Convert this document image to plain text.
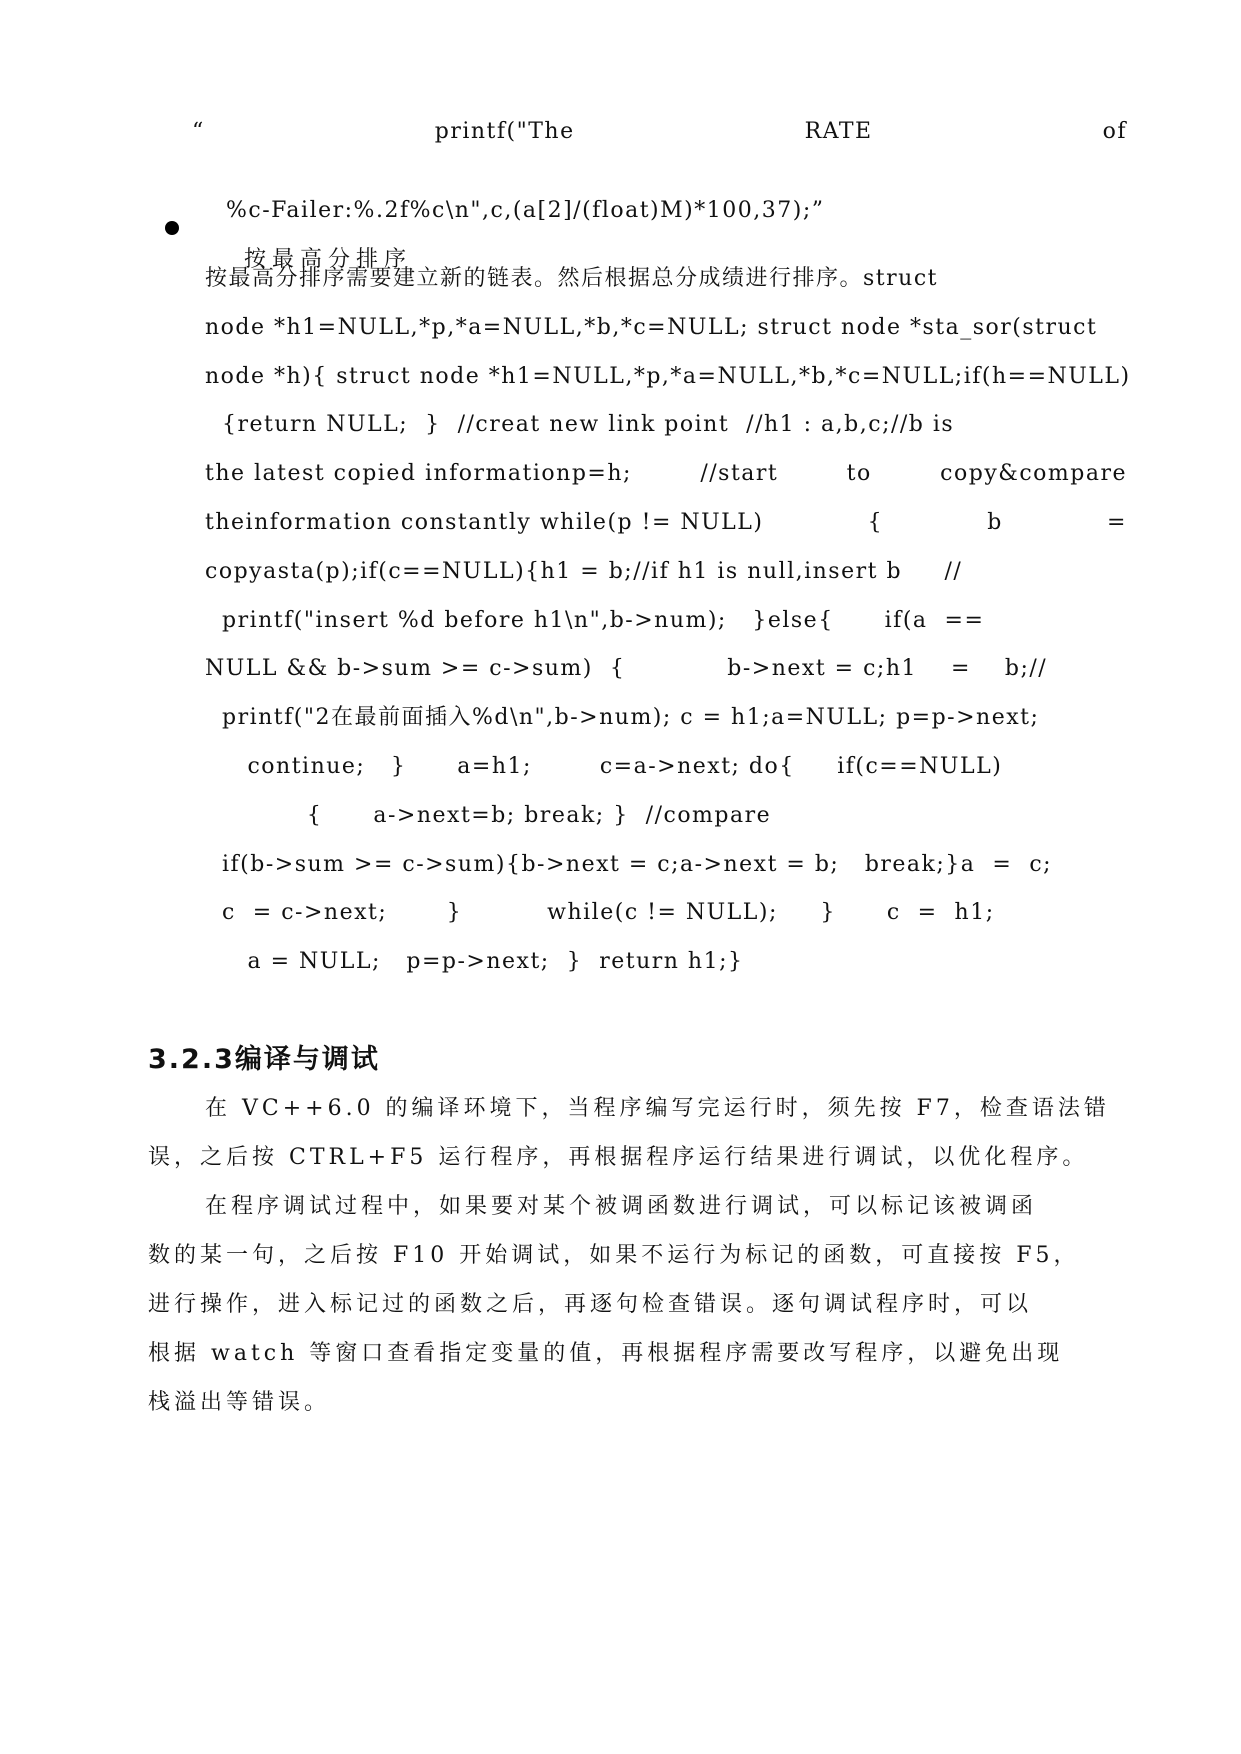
“	printf("The	RATE	of

%c-Failer:%.2f%c\n",c,(a[2]/(float)M)*100,37);”

按最高分排序

按最高分排序需要建立新的链表。然后根据总分成绩进行排序。struct
node *h1=NULL,*p,*a=NULL,*b,*c=NULL; struct node *sta_sor(struct
node *h){ struct node *h1=NULL,*p,*a=NULL,*b,*c=NULL;if(h==NULL)
{return NULL;  }  //creat new link point  //h1 : a,b,c;//b is
the latest copied informationp=h;	//start	to	copy&compare
theinformation constantly while(p != NULL)	{	b	=
copyasta(p);if(c==NULL){h1 = b;//if h1 is null,insert b     //
printf("insert %d before h1\n",b->num);   }else{      if(a  ==
NULL && b->sum >= c->sum)  {            b->next = c;h1    =    b;//
printf("2在最前面插入%d\n",b->num); c = h1;a=NULL; p=p->next;
continue;   }      a=h1;        c=a->next; do{     if(c==NULL)
{      a->next=b; break; }  //compare
if(b->sum >= c->sum){b->next = c;a->next = b;   break;}a  =  c;
c  = c->next;       }          while(c != NULL);     }      c  =  h1;
a = NULL;   p=p->next;  }  return h1;}
3.2.3编译与调试
在 VC++6.0 的编译环境下，当程序编写完运行时，须先按 F7，检查语法错
误，之后按 CTRL+F5 运行程序，再根据程序运行结果进行调试，以优化程序。
在程序调试过程中，如果要对某个被调函数进行调试，可以标记该被调函
数的某一句，之后按 F10 开始调试，如果不运行为标记的函数，可直接按 F5，
进行操作，进入标记过的函数之后，再逐句检查错误。逐句调试程序时，可以
根据 watch 等窗口查看指定变量的值，再根据程序需要改写程序，以避免出现
栈溢出等错误。
